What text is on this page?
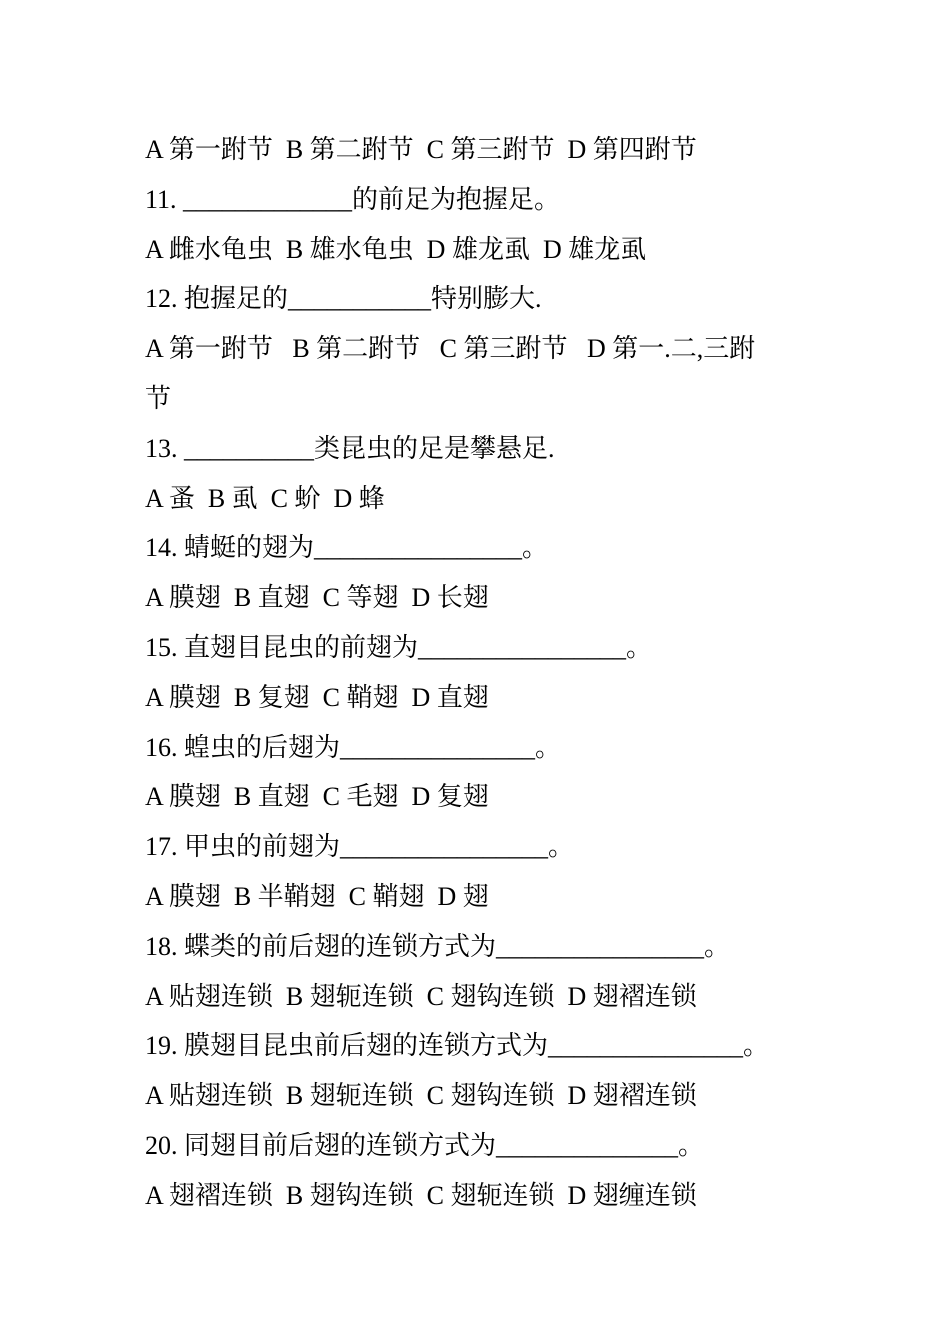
A 第一跗节  B 第二跗节  C 第三跗节  D 第四跗节
11. _____________的前足为抱握足。
A 雌水龟虫  B 雄水龟虫  D 雄龙虱  D 雄龙虱
12. 抱握足的___________特别膨大.
A 第一跗节   B 第二跗节   C 第三跗节   D 第一.二,三跗
节
13. __________类昆虫的足是攀悬足.
A 蚤  B 虱  C 蚧  D 蜂
14. 蜻蜓的翅为________________。
A 膜翅  B 直翅  C 等翅  D 长翅
15. 直翅目昆虫的前翅为________________。
A 膜翅  B 复翅  C 鞘翅  D 直翅
16. 蝗虫的后翅为_______________。
A 膜翅  B 直翅  C 毛翅  D 复翅
17. 甲虫的前翅为________________。
A 膜翅  B 半鞘翅  C 鞘翅  D 翅
18. 蝶类的前后翅的连锁方式为________________。
A 贴翅连锁  B 翅轭连锁  C 翅钩连锁  D 翅褶连锁
19. 膜翅目昆虫前后翅的连锁方式为_______________。
A 贴翅连锁  B 翅轭连锁  C 翅钩连锁  D 翅褶连锁
20. 同翅目前后翅的连锁方式为______________。
A 翅褶连锁  B 翅钩连锁  C 翅轭连锁  D 翅缠连锁
